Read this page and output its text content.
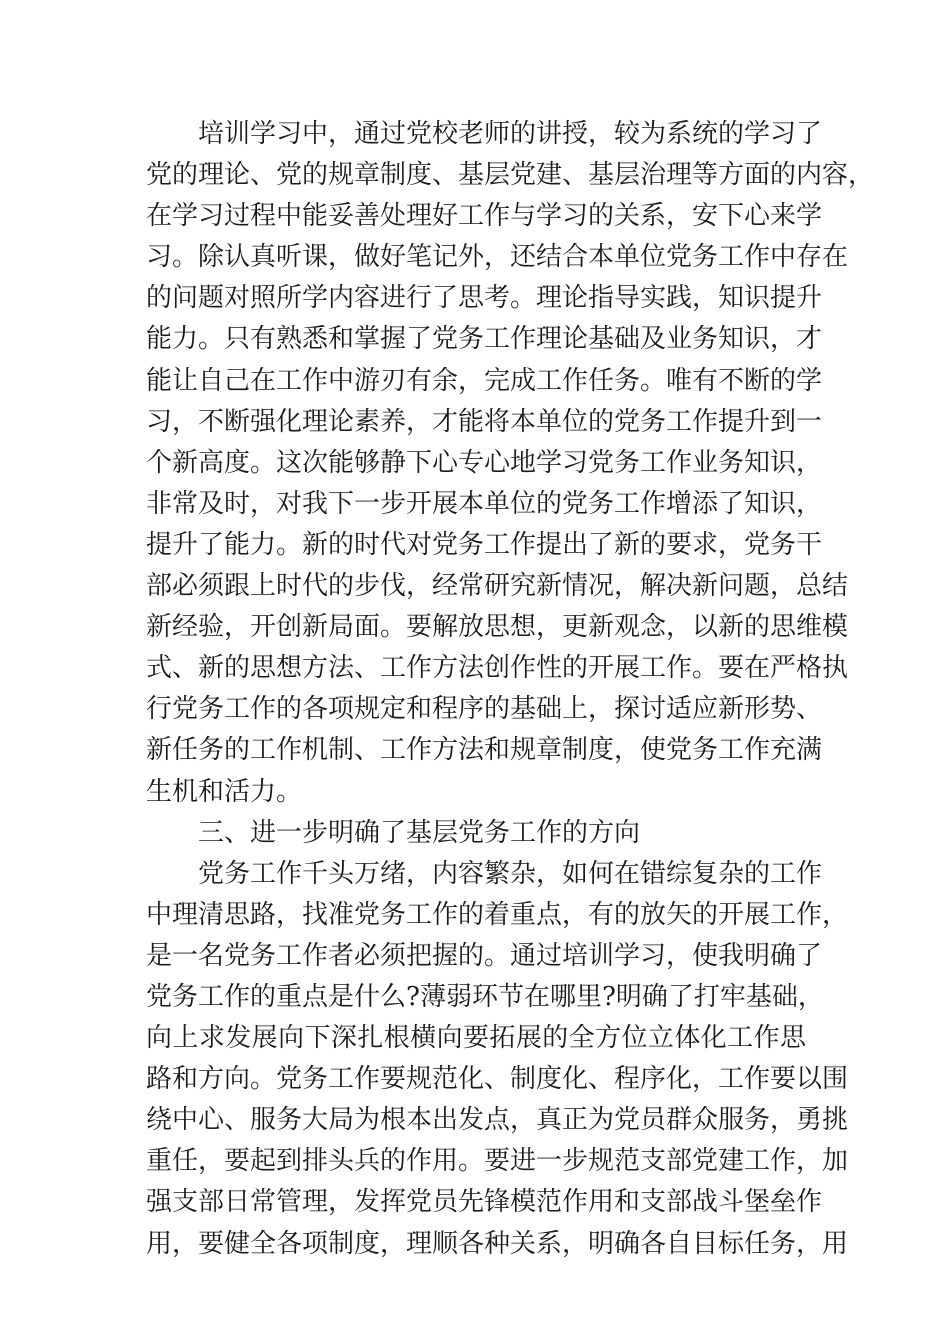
培训学习中，通过党校老师的讲授，较为系统的学习了
党的理论、党的规章制度、基层党建、基层治理等方面的内容，
在学习过程中能妥善处理好工作与学习的关系，安下心来学
习。除认真听课，做好笔记外，还结合本单位党务工作中存在
的问题对照所学内容进行了思考。理论指导实践，知识提升
能力。只有熟悉和掌握了党务工作理论基础及业务知识，才
能让自己在工作中游刃有余，完成工作任务。唯有不断的学
习，不断强化理论素养，才能将本单位的党务工作提升到一
个新高度。这次能够静下心专心地学习党务工作业务知识，
非常及时，对我下一步开展本单位的党务工作增添了知识，
提升了能力。新的时代对党务工作提出了新的要求，党务干
部必须跟上时代的步伐，经常研究新情况，解决新问题，总结
新经验，开创新局面。要解放思想，更新观念，以新的思维模
式、新的思想方法、工作方法创作性的开展工作。要在严格执
行党务工作的各项规定和程序的基础上，探讨适应新形势、
新任务的工作机制、工作方法和规章制度，使党务工作充满
生机和活力。
三、进一步明确了基层党务工作的方向
党务工作千头万绪，内容繁杂，如何在错综复杂的工作
中理清思路，找准党务工作的着重点，有的放矢的开展工作，
是一名党务工作者必须把握的。通过培训学习，使我明确了
党务工作的重点是什么?薄弱环节在哪里?明确了打牢基础，
向上求发展向下深扎根横向要拓展的全方位立体化工作思
路和方向。党务工作要规范化、制度化、程序化，工作要以围
绕中心、服务大局为根本出发点，真正为党员群众服务，勇挑
重任，要起到排头兵的作用。要进一步规范支部党建工作，加
强支部日常管理，发挥党员先锋模范作用和支部战斗堡垒作
用，要健全各项制度，理顺各种关系，明确各自目标任务，用
